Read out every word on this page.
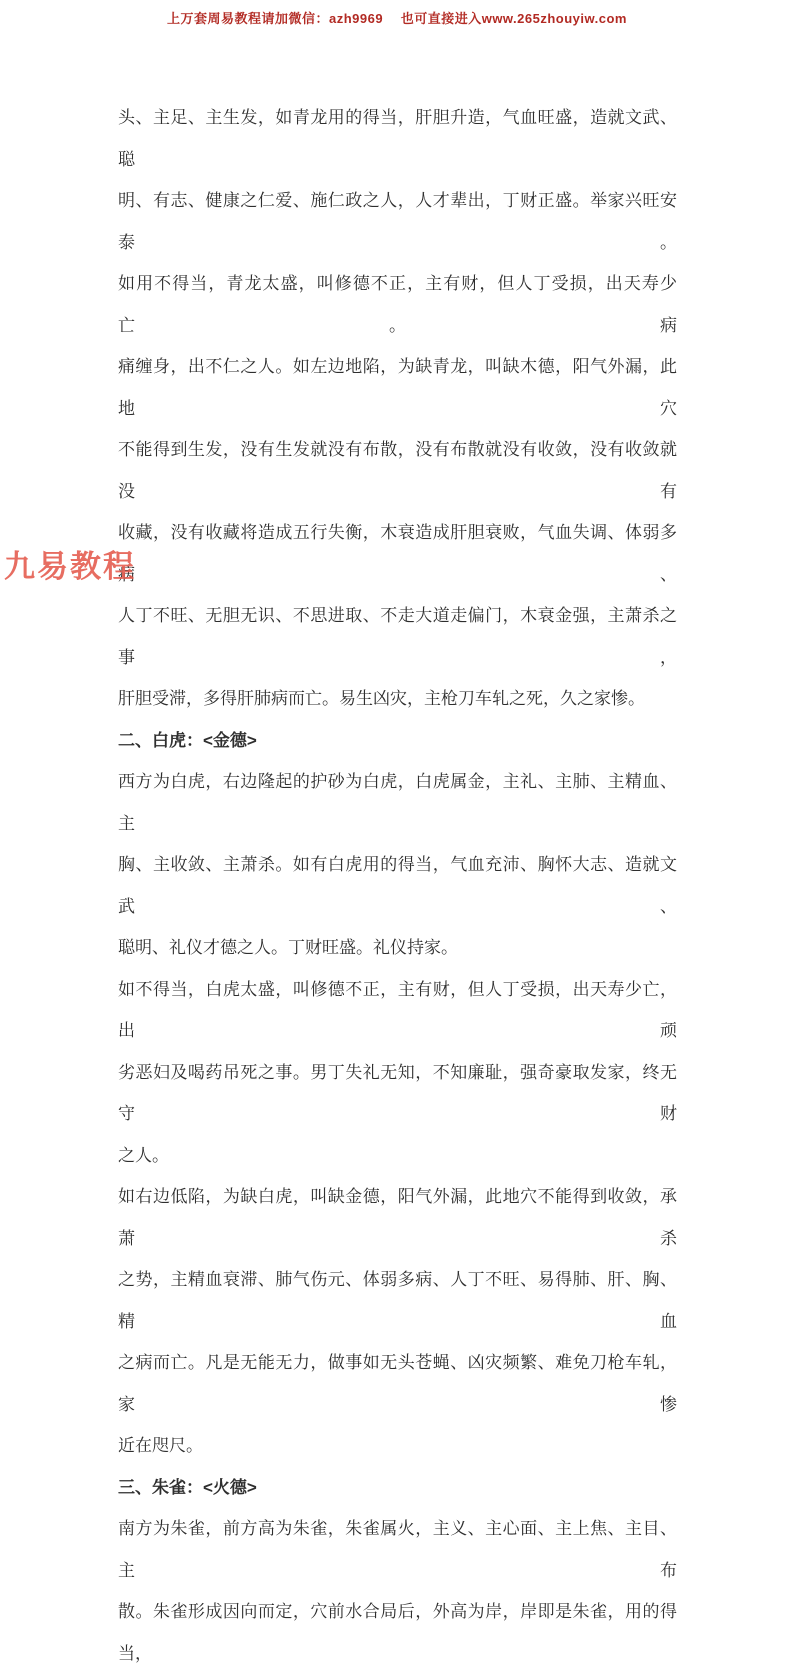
上万套周易教程请加微信：azh9969　 也可直接进入www.265zhouyiw.com
九易教程
头、主足、主生发，如青龙用的得当，肝胆升造，气血旺盛，造就文武、聪
明、有志、健康之仁爱、施仁政之人，人才辈出，丁财正盛。举家兴旺安泰。
如用不得当，青龙太盛，叫修德不正，主有财，但人丁受损，出天寿少亡。病
痛缠身，出不仁之人。如左边地陷，为缺青龙，叫缺木德，阳气外漏，此地穴
不能得到生发，没有生发就没有布散，没有布散就没有收敛，没有收敛就没有
收藏，没有收藏将造成五行失衡，木衰造成肝胆衰败，气血失调、体弱多病、
人丁不旺、无胆无识、不思进取、不走大道走偏门，木衰金强，主萧杀之事，
肝胆受滞，多得肝肺病而亡。易生凶灾，主枪刀车轧之死，久之家惨。
二、白虎：<金德>
西方为白虎，右边隆起的护砂为白虎，白虎属金，主礼、主肺、主精血、主
胸、主收敛、主萧杀。如有白虎用的得当，气血充沛、胸怀大志、造就文武、
聪明、礼仪才德之人。丁财旺盛。礼仪持家。
如不得当，白虎太盛，叫修德不正，主有财，但人丁受损，出天寿少亡，出顽
劣恶妇及喝药吊死之事。男丁失礼无知，不知廉耻，强奇豪取发家，终无守财
之人。
如右边低陷，为缺白虎，叫缺金德，阳气外漏，此地穴不能得到收敛，承萧杀
之势，主精血衰滞、肺气伤元、体弱多病、人丁不旺、易得肺、肝、胸、精血
之病而亡。凡是无能无力，做事如无头苍蝇、凶灾频繁、难免刀枪车轧，家惨
近在咫尺。
三、朱雀：<火德>
南方为朱雀，前方高为朱雀，朱雀属火，主义、主心面、主上焦、主目、主布
散。朱雀形成因向而定，穴前水合局后，外高为岸，岸即是朱雀，用的得当，
